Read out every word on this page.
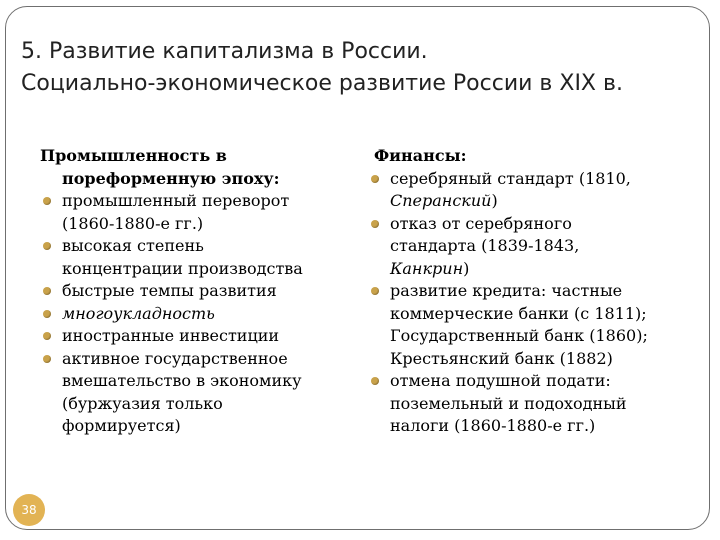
5. Развитие капитализма в России.
Социально-экономическое развитие России в XIX в.
Промышленность в
пореформенную эпоху:
промышленный переворот
(1860-1880-е гг.)
высокая степень
концентрации производства
быстрые темпы развития
многоукладность
иностранные инвестиции
активное государственное
вмешательство в экономику
(буржуазия только
формируется)
Финансы:
серебряный стандарт (1810,
Сперанский)
отказ от серебряного
стандарта (1839-1843,
Канкрин)
развитие кредита: частные
коммерческие банки (с 1811);
Государственный банк (1860);
Крестьянский банк (1882)
отмена подушной подати:
поземельный и подоходный
налоги (1860-1880-е гг.)
38
